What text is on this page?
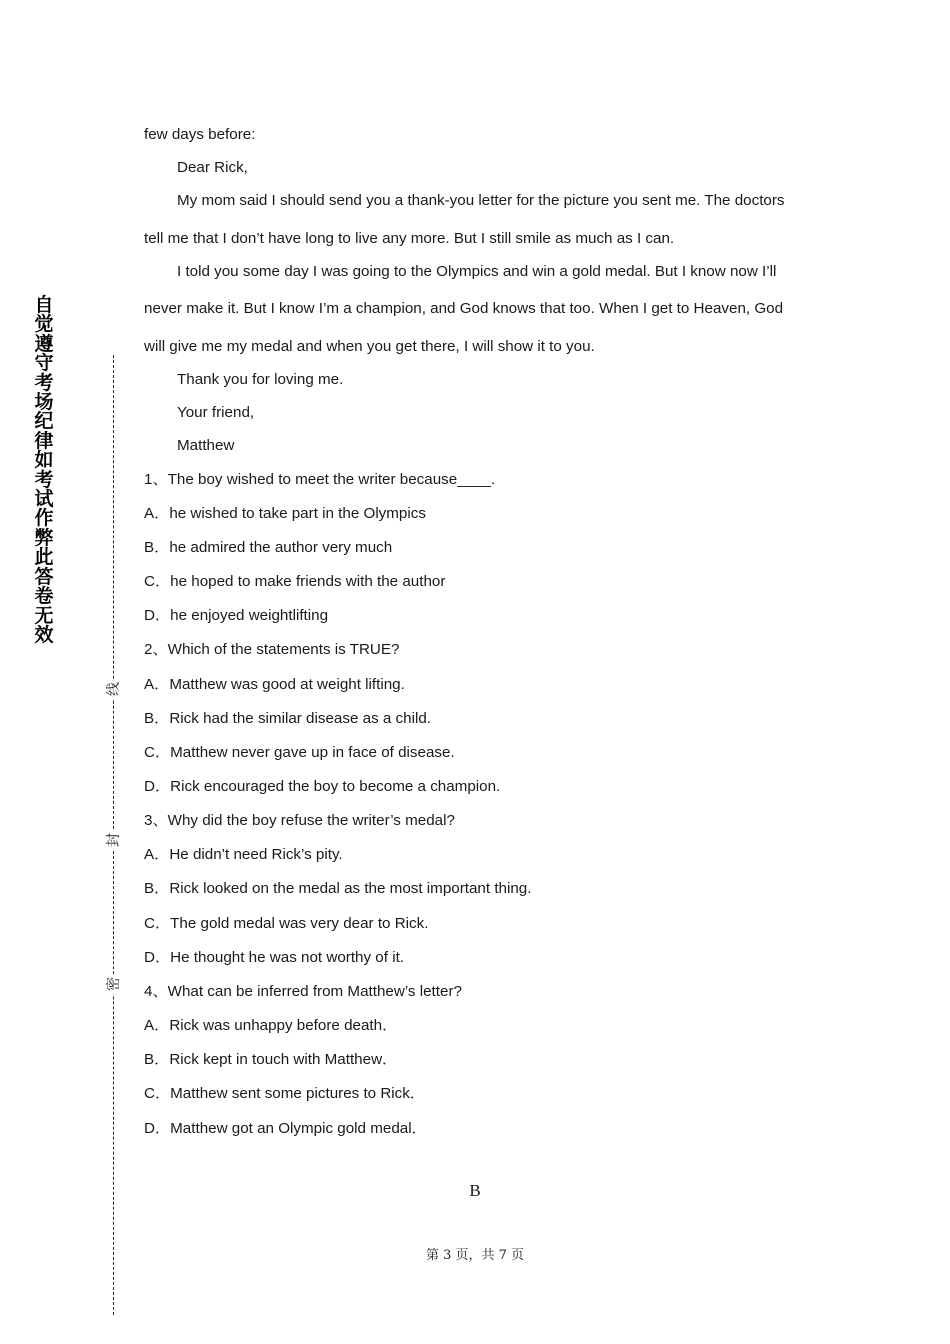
自觉遵守考场纪律如考试作弊此答卷无效
线
封
密
few days before:
Dear Rick,
My mom said I should send you a thank-you letter for the picture you sent me. The doctors
tell me that I don’t have long to live any more. But I still smile as much as I can.
I told you some day I was going to the Olympics and win a gold medal. But I know now I’ll
never make it. But I know I’m a champion, and God knows that too. When I get to Heaven, God
will give me my medal and when you get there, I will show it to you.
Thank you for loving me.
Your friend,
Matthew
1、The boy wished to meet the writer because____.
A．he wished to take part in the Olympics
B．he admired the author very much
C．he hoped to make friends with the author
D．he enjoyed weightlifting
2、Which of the statements is TRUE?
A．Matthew was good at weight lifting.
B．Rick had the similar disease as a child.
C．Matthew never gave up in face of disease.
D．Rick encouraged the boy to become a champion.
3、Why did the boy refuse the writer’s medal?
A．He didn’t need Rick’s pity.
B．Rick looked on the medal as the most important thing.
C．The gold medal was very dear to Rick.
D．He thought he was not worthy of it.
4、What can be inferred from Matthew’s letter?
A．Rick was unhappy before death．
B．Rick kept in touch with Matthew．
C．Matthew sent some pictures to Rick．
D．Matthew got an Olympic gold medal．
B
第 3 页，共 7 页
